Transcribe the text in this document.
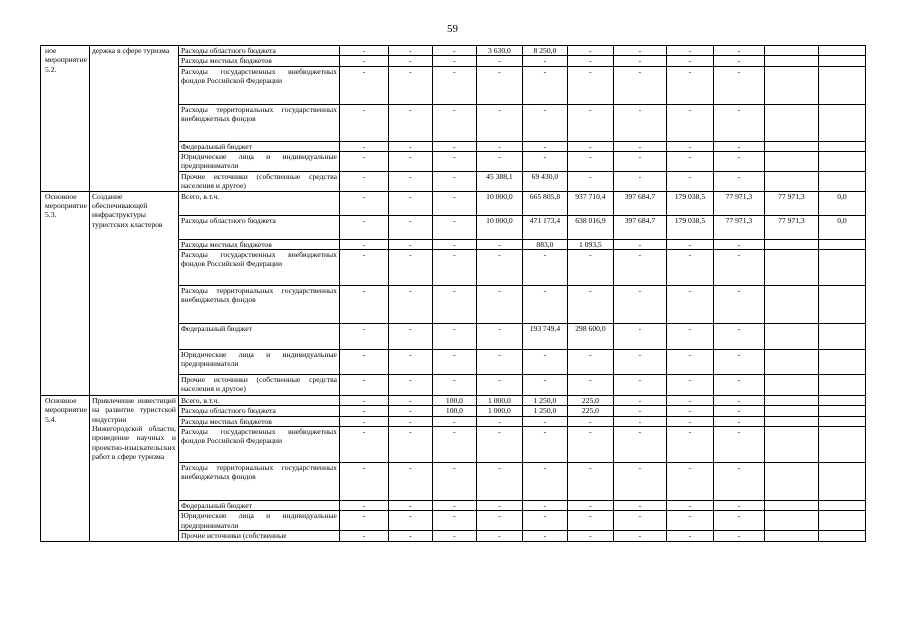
59
ное мероприятие 5.2.	держка в сфере туризма	Расходы областного бюджета	-	-	-	3 630,0	8 250,0	-	-	-	-		
		Расходы местных бюджетов	-	-	-	-	-	-	-	-	-		
		Расходы государственных внебюджетных фондов Российской Федерации	-	-	-	-	-	-	-	-	-		
		Расходы территориальных государственных внебюджетных фондов	-	-	-	-	-	-	-	-	-		
		Федеральный бюджет	-	-	-	-	-	-	-	-	-		
		Юридические лица и индивидуальные предприниматели	-	-	-	-	-	-	-	-	-		
		Прочие источники (собственные средства населения и другое)	-	-	-	45 388,1	69 430,0	-	-	-	-		
Основное мероприятие 5.3.	Создание обеспечивающей инфраструктуры туристских кластеров	Всего, в.т.ч.	-	-	-	10 000,0	665 805,8	937 710,4	397 684,7	179 038,5	77 971,3	77 971,3	0,0
		Расходы областного бюджета	-	-	-	10 000,0	471 173,4	638 016,9	397 684,7	179 038,5	77 971,3	77 971,3	0,0
		Расходы местных бюджетов	-	-	-	-	883,0	1 093,5	-	-	-		
		Расходы государственных внебюджетных фондов Российской Федерации	-	-	-	-	-	-	-	-	-		
		Расходы территориальных государственных внебюджетных фондов	-	-	-	-	-	-	-	-	-		
		Федеральный бюджет	-	-	-	-	193 749,4	298 600,0	-	-	-		
		Юридические лица и индивидуальные предприниматели	-	-	-	-	-	-	-	-	-		
		Прочие источники (собственные средства населения и другое)	-	-	-	-	-	-	-	-	-		
Основное мероприятие 5.4.	Привлечение инвестиций на развитие туристской индустрии Нижегородской области, проведение научных и проектно-изыскательских работ в сфере туризма	Всего, в.т.ч.	-	-	100,0	1 000,0	1 250,0	225,0	-	-	-		
		Расходы областного бюджета	-	-	100,0	1 000,0	1 250,0	225,0	-	-	-		
		Расходы местных бюджетов	-	-	-	-	-	-	-	-	-		
		Расходы государственных внебюджетных фондов Российской Федерации	-	-	-	-	-	-	-	-	-		
		Расходы территориальных государственных внебюджетных фондов	-	-	-	-	-	-	-	-	-		
		Федеральный бюджет	-	-	-	-	-	-	-	-	-		
		Юридические лица и индивидуальные предприниматели	-	-	-	-	-	-	-	-	-		
		Прочие источники (собственные	-	-	-	-	-	-	-	-	-		
